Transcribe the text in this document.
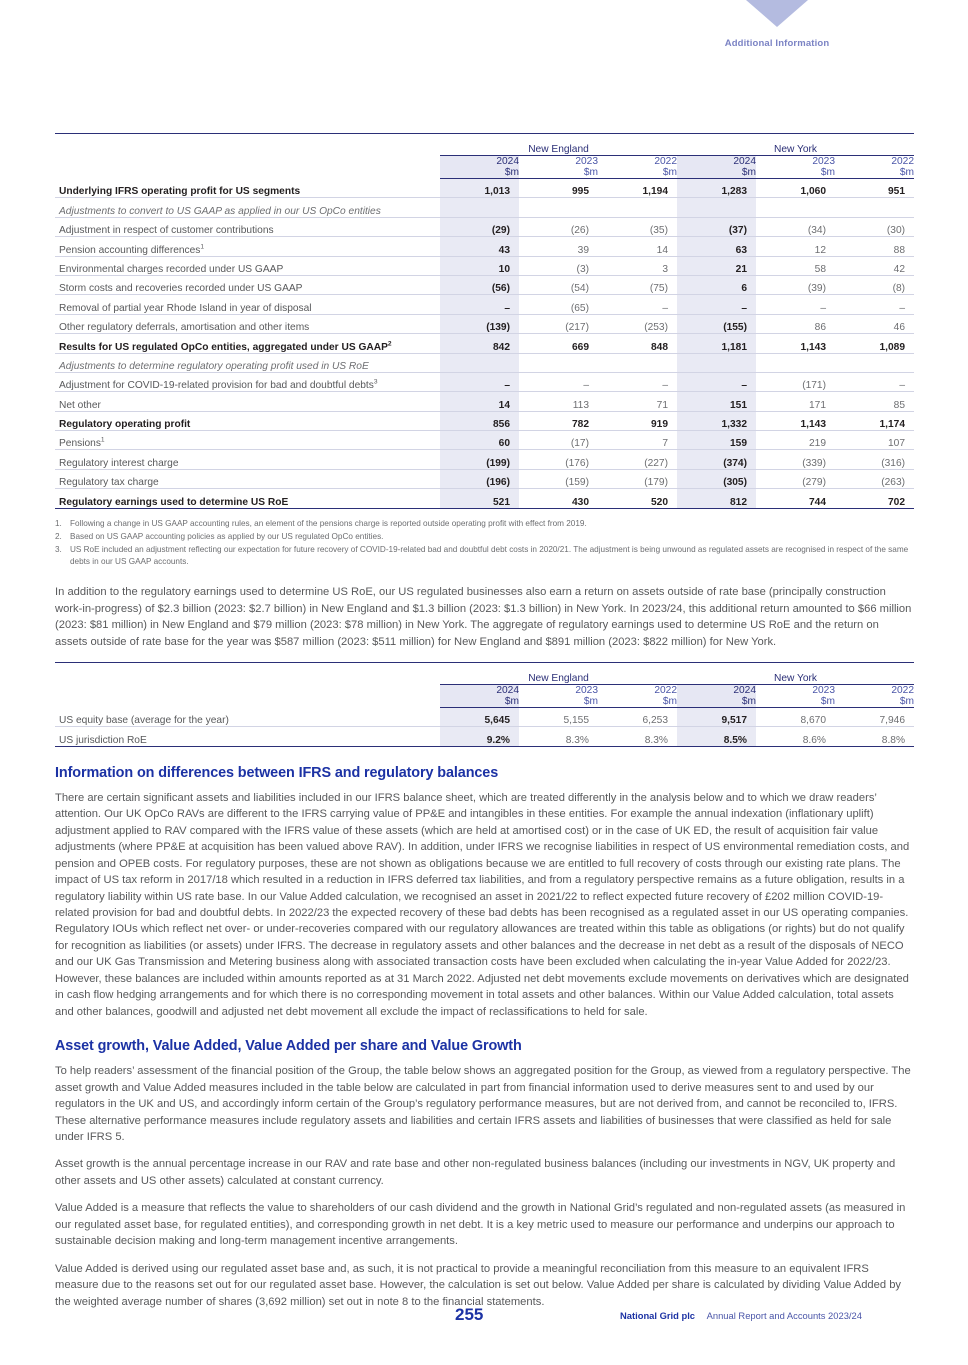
Additional Information
	New England			New York		
	2024	2023	2022	2024	2023	2022
	$m	$m	$m	$m	$m	$m
Underlying IFRS operating profit for US segments	1,013	995	1,194	1,283	1,060	951
Adjustments to convert to US GAAP as applied in our US OpCo entities						
Adjustment in respect of customer contributions	(29)	(26)	(35)	(37)	(34)	(30)
Pension accounting differences$^1$	43	39	14	63	12	88
Environmental charges recorded under US GAAP	10	(3)	3	21	58	42
Storm costs and recoveries recorded under US GAAP	(56)	(54)	(75)	6	(39)	(8)
Removal of partial year Rhode Island in year of disposal	–	(65)	–	–	–	–
Other regulatory deferrals, amortisation and other items	(139)	(217)	(253)	(155)	86	46
Results for US regulated OpCo entities, aggregated under US GAAP$^2$	842	669	848	1,181	1,143	1,089
Adjustments to determine regulatory operating profit used in US RoE						
Adjustment for COVID-19-related provision for bad and doubtful debts$^3$	–	–	–	–	(171)	–
Net other	14	113	71	151	171	85
Regulatory operating profit	856	782	919	1,332	1,143	1,174
Pensions$^1$	60	(17)	7	159	219	107
Regulatory interest charge	(199)	(176)	(227)	(374)	(339)	(316)
Regulatory tax charge	(196)	(159)	(179)	(305)	(279)	(263)
Regulatory earnings used to determine US RoE	521	430	520	812	744	702
1. Following a change in US GAAP accounting rules, an element of the pensions charge is reported outside operating profit with effect from 2019.
2. Based on US GAAP accounting policies as applied by our US regulated OpCo entities.
3. US RoE included an adjustment reflecting our expectation for future recovery of COVID-19-related bad and doubtful debt costs in 2020/21. The adjustment is being unwound as regulated assets are recognised in respect of the same debts in our US GAAP accounts.

In addition to the regulatory earnings used to determine US RoE, our US regulated businesses also earn a return on assets outside of rate base (principally construction work-in-progress) of $2.3 billion (2023: $2.7 billion) in New England and $1.3 billion (2023: $1.3 billion) in New York. In 2023/24, this additional return amounted to $66 million (2023: $81 million) in New England and $79 million (2023: $78 million) in New York. The aggregate of regulatory earnings used to determine US RoE and the return on assets outside of rate base for the year was $587 million (2023: $511 million) for New England and $891 million (2023: $822 million) for New York.

	New England			New York		
	2024	2023	2022	2024	2023	2022
	$m	$m	$m	$m	$m	$m
US equity base (average for the year)	5,645	5,155	6,253	9,517	8,670	7,946
US jurisdiction RoE	9.2%	8.3%	8.3%	8.5%	8.6%	8.8%
Information on differences between IFRS and regulatory balances

There are certain significant assets and liabilities included in our IFRS balance sheet, which are treated differently in the analysis below and to which we draw readers’ attention. Our UK OpCo RAVs are different to the IFRS carrying value of PP&E and intangibles in these entities. For example the annual indexation (inflationary uplift) adjustment applied to RAV compared with the IFRS value of these assets (which are held at amortised cost) or in the case of UK ED, the result of acquisition fair value adjustments (where PP&E at acquisition has been valued above RAV). In addition, under IFRS we recognise liabilities in respect of US environmental remediation costs, and pension and OPEB costs. For regulatory purposes, these are not shown as obligations because we are entitled to full recovery of costs through our existing rate plans. The impact of US tax reform in 2017/18 which resulted in a reduction in IFRS deferred tax liabilities, and from a regulatory perspective remains as a future obligation, results in a regulatory liability within US rate base. In our Value Added calculation, we recognised an asset in 2021/22 to reflect expected future recovery of £202 million COVID-19-related provision for bad and doubtful debts. In 2022/23 the expected recovery of these bad debts has been recognised as a regulated asset in our US operating companies. Regulatory IOUs which reflect net over- or under-recoveries compared with our regulatory allowances are treated within this table as obligations (or rights) but do not qualify for recognition as liabilities (or assets) under IFRS. The decrease in regulatory assets and other balances and the decrease in net debt as a result of the disposals of NECO and our UK Gas Transmission and Metering business along with associated transaction costs have been excluded when calculating the in-year Value Added for 2022/23. However, these balances are included within amounts reported as at 31 March 2022. Adjusted net debt movements exclude movements on derivatives which are designated in cash flow hedging arrangements and for which there is no corresponding movement in total assets and other balances. Within our Value Added calculation, total assets and other balances, goodwill and adjusted net debt movement all exclude the impact of reclassifications to held for sale.

Asset growth, Value Added, Value Added per share and Value Growth

To help readers’ assessment of the financial position of the Group, the table below shows an aggregated position for the Group, as viewed from a regulatory perspective. The asset growth and Value Added measures included in the table below are calculated in part from financial information used to derive measures sent to and used by our regulators in the UK and US, and accordingly inform certain of the Group’s regulatory performance measures, but are not derived from, and cannot be reconciled to, IFRS. These alternative performance measures include regulatory assets and liabilities and certain IFRS assets and liabilities of businesses that were classified as held for sale under IFRS 5.

Asset growth is the annual percentage increase in our RAV and rate base and other non-regulated business balances (including our investments in NGV, UK property and other assets and US other assets) calculated at constant currency.

Value Added is a measure that reflects the value to shareholders of our cash dividend and the growth in National Grid’s regulated and non-regulated assets (as measured in our regulated asset base, for regulated entities), and corresponding growth in net debt. It is a key metric used to measure our performance and underpins our approach to sustainable decision making and long-term management incentive arrangements.

Value Added is derived using our regulated asset base and, as such, it is not practical to provide a meaningful reconciliation from this measure to an equivalent IFRS measure due to the reasons set out for our regulated asset base. However, the calculation is set out below. Value Added per share is calculated by dividing Value Added by the weighted average number of shares (3,692 million) set out in note 8 to the financial statements.

255	National Grid plc Annual Report and Accounts 2023/24
